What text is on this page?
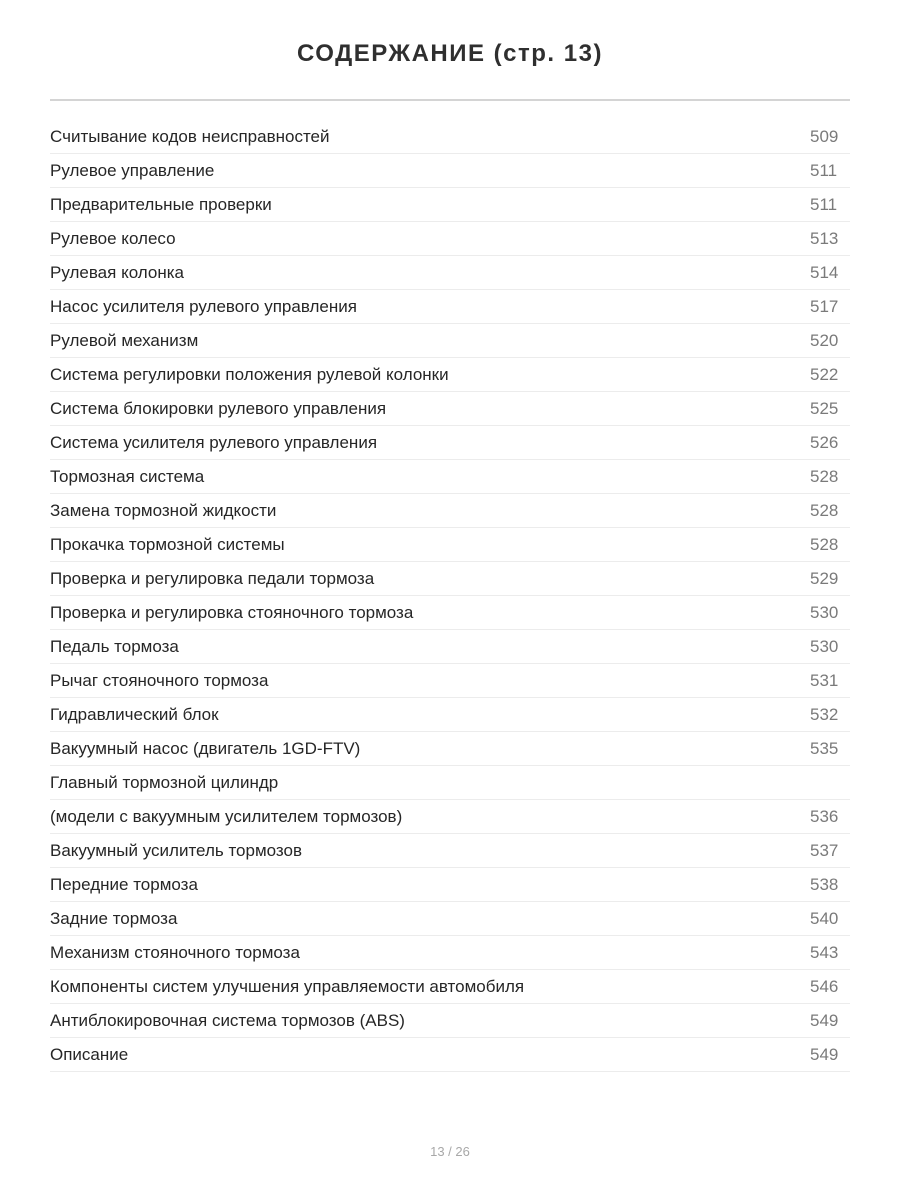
СОДЕРЖАНИЕ (стр. 13)
Считывание кодов неисправностей	509
Рулевое управление	511
Предварительные проверки	511
Рулевое колесо	513
Рулевая колонка	514
Насос усилителя рулевого управления	517
Рулевой механизм	520
Система регулировки положения рулевой колонки	522
Система блокировки рулевого управления	525
Система усилителя рулевого управления	526
Тормозная система	528
Замена тормозной жидкости	528
Прокачка тормозной системы	528
Проверка и регулировка педали тормоза	529
Проверка и регулировка стояночного тормоза	530
Педаль тормоза	530
Рычаг стояночного тормоза	531
Гидравлический блок	532
Вакуумный насос (двигатель 1GD-FTV)	535
Главный тормозной цилиндр
(модели с вакуумным усилителем тормозов)	536
Вакуумный усилитель тормозов	537
Передние тормоза	538
Задние тормоза	540
Механизм стояночного тормоза	543
Компоненты систем улучшения управляемости автомобиля	546
Антиблокировочная система тормозов (ABS)	549
Описание	549
13 / 26
